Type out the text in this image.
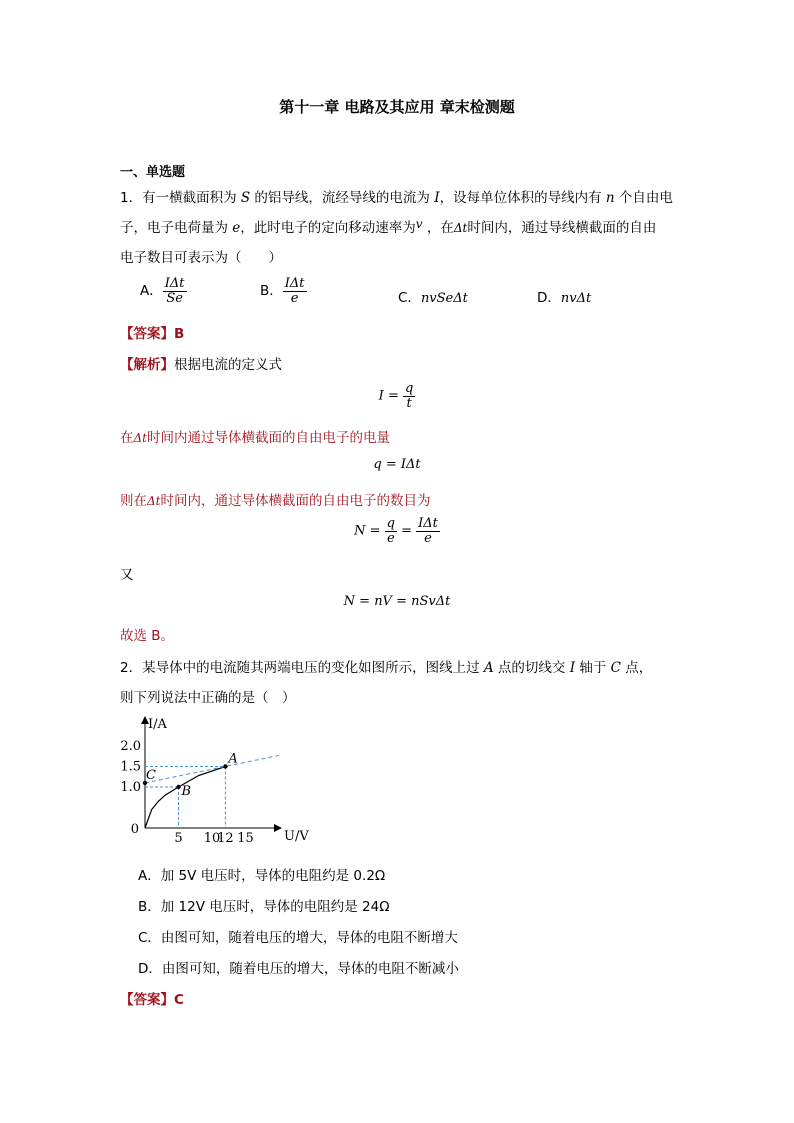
第十一章 电路及其应用 章末检测题
一、单选题
1．有一横截面积为 S 的铝导线，流经导线的电流为 I，设每单位体积的导线内有 n 个自由电
子，电子电荷量为 e，此时电子的定向移动速率为v ，在Δt时间内，通过导线横截面的自由
电子数目可表示为（　　）
A． $\frac{\text{IΔt}}{Se}$	B． $\frac{\text{IΔt}}{e}$	C．nvSeΔt	D．nvΔt
【答案】B
【解析】根据电流的定义式
$I = \frac{q}{t}$
在Δt时间内通过导体横截面的自由电子的电量
q = IΔt
则在Δt时间内，通过导体横截面的自由电子的数目为
$N = \frac{q}{e} = \frac{\text{IΔt}}{e}$
又
N = nV = nSvΔt
故选 B。
2．某导体中的电流随其两端电压的变化如图所示，图线上过 A 点的切线交 I 轴于 C 点，
则下列说法中正确的是（　）
5 10
12 15
1.0
1.5
2.0
0
A
B
C
I/A
U/V
A．加 5V 电压时，导体的电阻约是 0.2Ω
B．加 12V 电压时，导体的电阻约是 24Ω
C．由图可知，随着电压的增大，导体的电阻不断增大
D．由图可知，随着电压的增大，导体的电阻不断减小
【答案】C
